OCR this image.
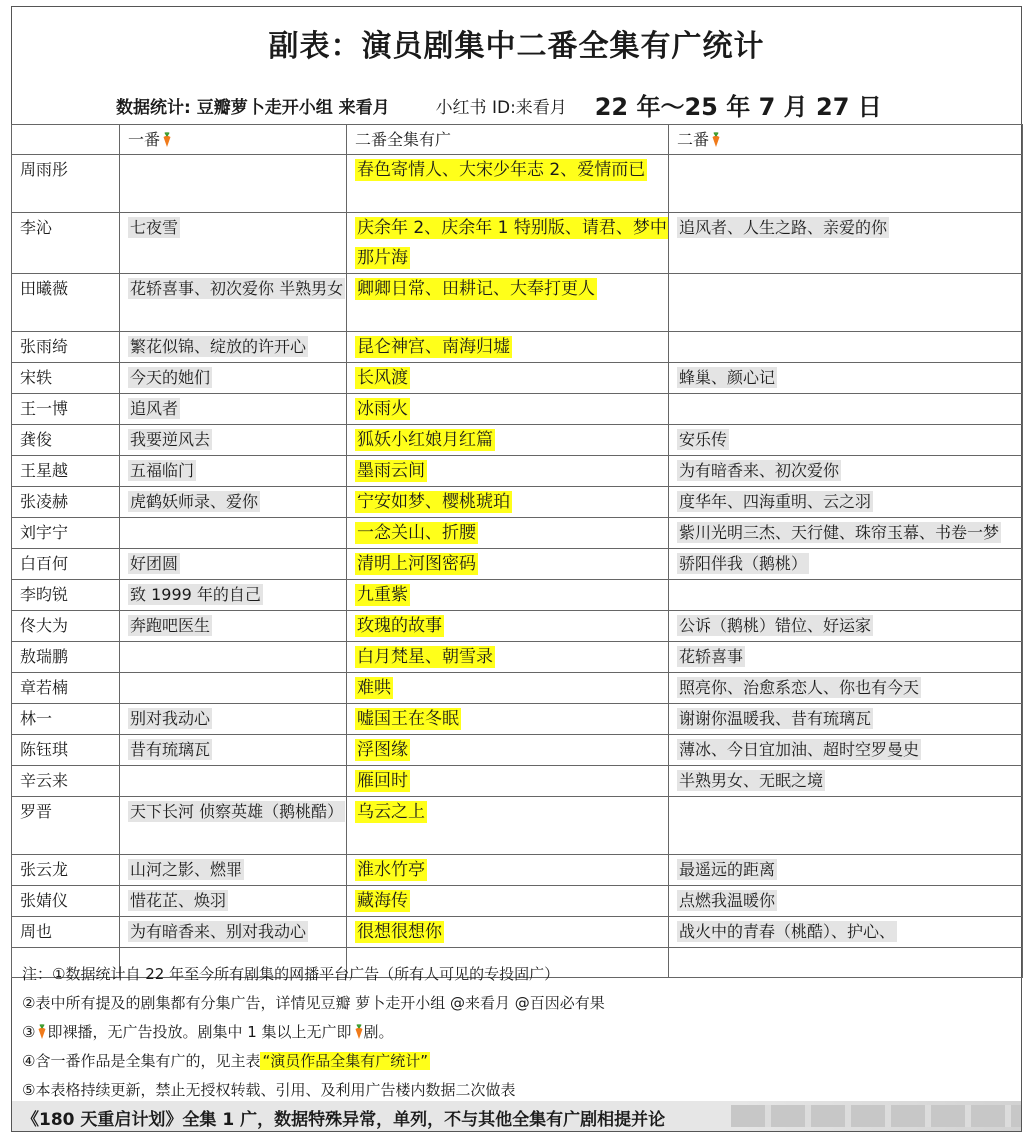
副表：演员剧集中二番全集有广统计
数据统计: 豆瓣萝卜走开小组 来看月	小红书 ID:来看月 22 年～25 年 7 月 27 日
	一番	二番全集有广	二番
周雨彤		春色寄情人、大宋少年志 2、爱情而已	
李沁	七夜雪	庆余年 2、庆余年 1 特别版、请君、梦中那片海	追风者、人生之路、亲爱的你
田曦薇	花轿喜事、初次爱你 半熟男女	卿卿日常、田耕记、大奉打更人	
张雨绮	繁花似锦、绽放的许开心	昆仑神宫、南海归墟	
宋轶	今天的她们	长风渡	蜂巢、颜心记
王一博	追风者	冰雨火	
龚俊	我要逆风去	狐妖小红娘月红篇	安乐传
王星越	五福临门	墨雨云间	为有暗香来、初次爱你
张凌赫	虎鹤妖师录、爱你	宁安如梦、樱桃琥珀	度华年、四海重明、云之羽
刘宇宁		一念关山、折腰	紫川光明三杰、天行健、珠帘玉幕、书卷一梦
白百何	好团圆	清明上河图密码	骄阳伴我（鹅桃）
李昀锐	致 1999 年的自己	九重紫	
佟大为	奔跑吧医生	玫瑰的故事	公诉（鹅桃）错位、好运家
敖瑞鹏		白月梵星、朝雪录	花轿喜事
章若楠		难哄	照亮你、治愈系恋人、你也有今天
林一	别对我动心	嘘国王在冬眠	谢谢你温暖我、昔有琉璃瓦
陈钰琪	昔有琉璃瓦	浮图缘	薄冰、今日宜加油、超时空罗曼史
辛云来		雁回时	半熟男女、无眠之境
罗晋	天下长河 侦察英雄（鹅桃酷）	乌云之上	
张云龙	山河之影、燃罪	淮水竹亭	最遥远的距离
张婧仪	惜花芷、焕羽	藏海传	点燃我温暖你
周也	为有暗香来、别对我动心	很想很想你	战火中的青春（桃酷）、护心、

注：①数据统计自 22 年至今所有剧集的网播平台广告（所有人可见的专投固广）
②表中所有提及的剧集都有分集广告，详情见豆瓣 萝卜走开小组 @来看月 @百因必有果
③ 即裸播，无广告投放。剧集中 1 集以上无广即 剧。
④含一番作品是全集有广的，见主表 “演员作品全集有广统计”
⑤本表格持续更新，禁止无授权转载、引用、及利用广告楼内数据二次做表
《180 天重启计划》全集 1 广，数据特殊异常，单列，不与其他全集有广剧相提并论
